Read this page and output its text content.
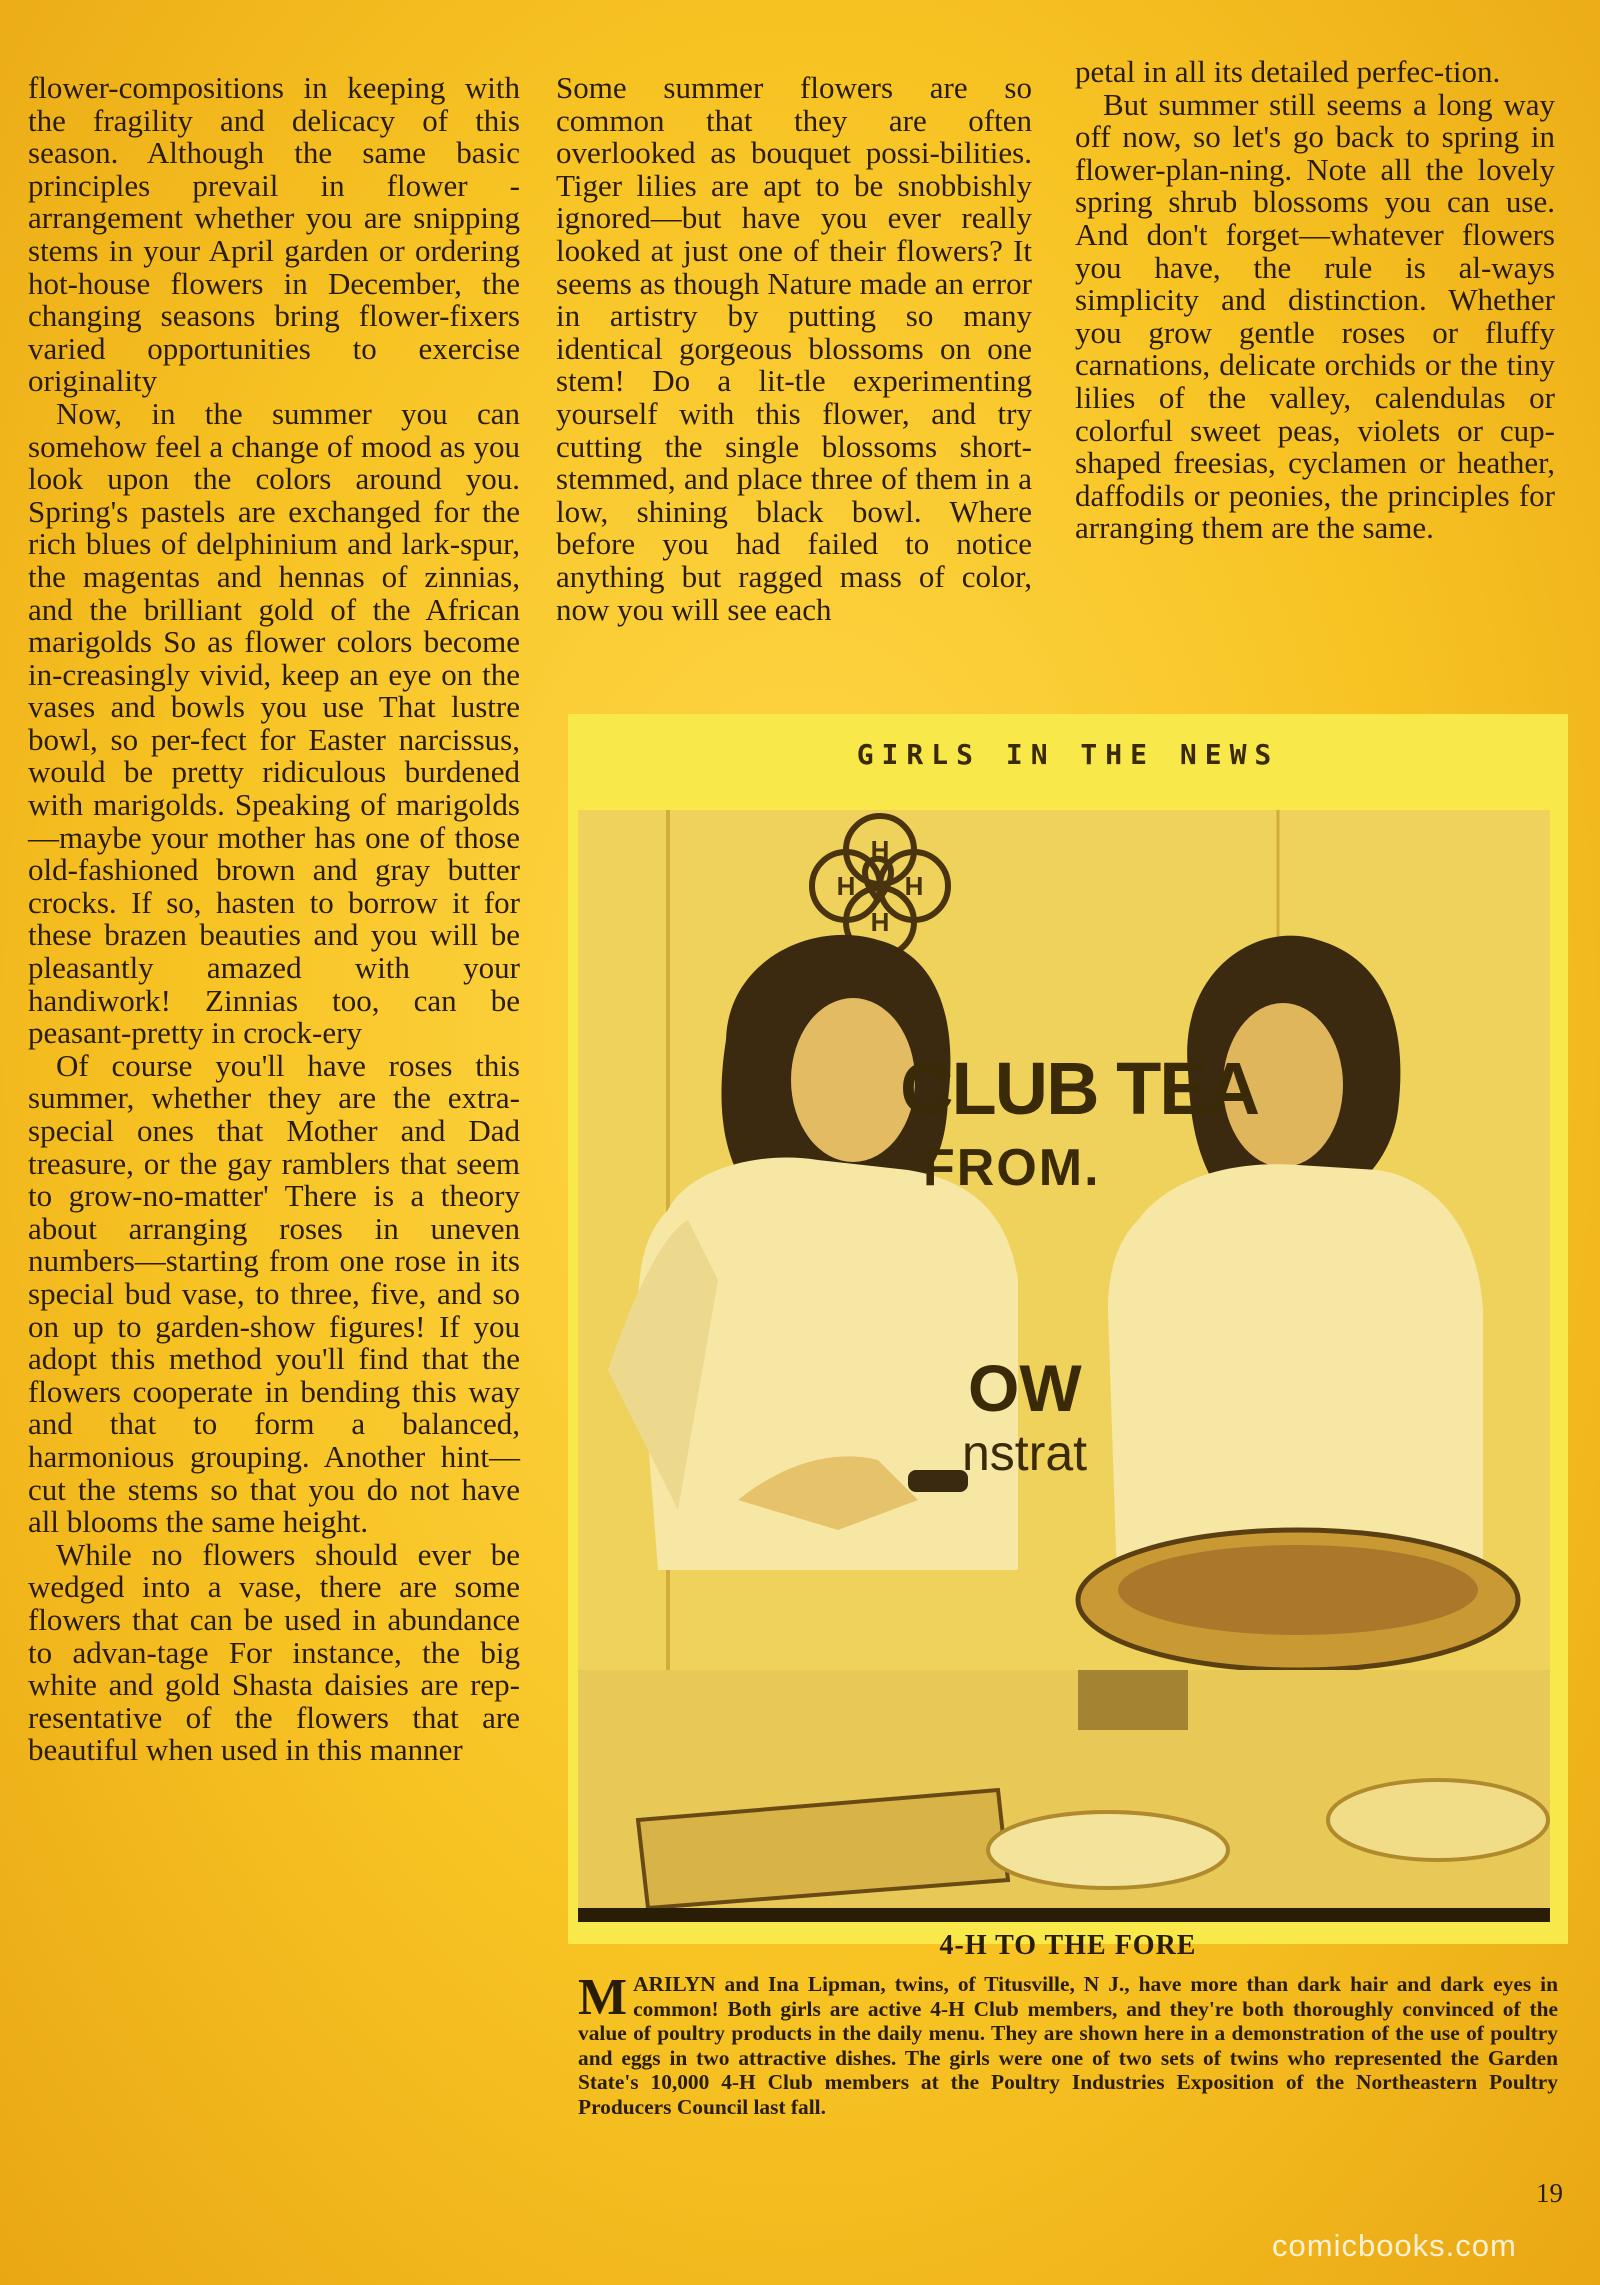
flower-compositions in keeping with the fragility and delicacy of this season. Although the same basic principles prevail in flower - arrangement whether you are snipping stems in your April garden or ordering hot-house flowers in December, the changing seasons bring flower-fixers varied opportunities to exercise originality

Now, in the summer you can somehow feel a change of mood as you look upon the colors around you. Spring's pastels are exchanged for the rich blues of delphinium and lark-spur, the magentas and hennas of zinnias, and the brilliant gold of the African marigolds So as flower colors become in-creasingly vivid, keep an eye on the vases and bowls you use That lustre bowl, so per-fect for Easter narcissus, would be pretty ridiculous burdened with marigolds. Speaking of marigolds—maybe your mother has one of those old-fashioned brown and gray butter crocks. If so, hasten to borrow it for these brazen beauties and you will be pleasantly amazed with your handiwork! Zinnias too, can be peasant-pretty in crock-ery

Of course you'll have roses this summer, whether they are the extra-special ones that Mother and Dad treasure, or the gay ramblers that seem to grow-no-matter' There is a theory about arranging roses in uneven numbers—starting from one rose in its special bud vase, to three, five, and so on up to garden-show figures! If you adopt this method you'll find that the flowers cooperate in bending this way and that to form a balanced, harmonious grouping. Another hint—cut the stems so that you do not have all blooms the same height.

While no flowers should ever be wedged into a vase, there are some flowers that can be used in abundance to advan-tage For instance, the big white and gold Shasta daisies are rep-resentative of the flowers that are beautiful when used in this manner

Some summer flowers are so common that they are often overlooked as bouquet possi-bilities. Tiger lilies are apt to be snobbishly ignored—but have you ever really looked at just one of their flowers? It seems as though Nature made an error in artistry by putting so many identical gorgeous blossoms on one stem! Do a lit-tle experimenting yourself with this flower, and try cutting the single blossoms short-stemmed, and place three of them in a low, shining black bowl. Where before you had failed to notice anything but ragged mass of color, now you will see each

petal in all its detailed perfec-tion.

But summer still seems a long way off now, so let's go back to spring in flower-plan-ning. Note all the lovely spring shrub blossoms you can use. And don't forget—whatever flowers you have, the rule is al-ways simplicity and distinction. Whether you grow gentle roses or fluffy carnations, delicate orchids or the tiny lilies of the valley, calendulas or colorful sweet peas, violets or cup-shaped freesias, cyclamen or heather, daffodils or peonies, the principles for arranging them are the same.

GIRLS IN THE NEWS
H
H H
H
CLUB TEA
FROM.
OW
nstrat
4-H TO THE FORE
MARILYN and Ina Lipman, twins, of Titusville, N J., have more than dark hair and dark eyes in common! Both girls are active 4-H Club members, and they're both thoroughly convinced of the value of poultry products in the daily menu. They are shown here in a demonstration of the use of poultry and eggs in two attractive dishes. The girls were one of two sets of twins who represented the Garden State's 10,000 4-H Club members at the Poultry Industries Exposition of the Northeastern Poultry Producers Council last fall.
19
comicbooks.com
